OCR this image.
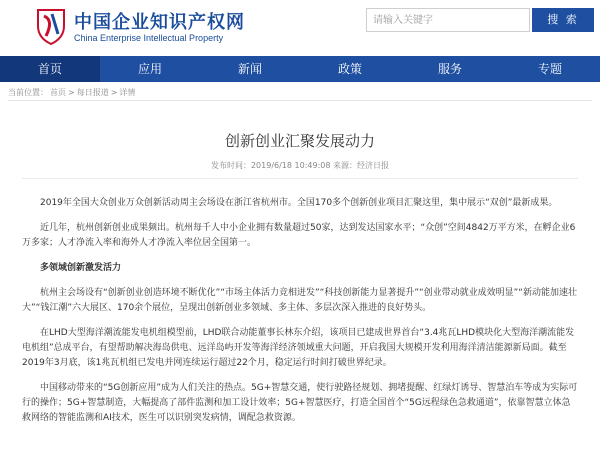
中国企业知识产权网
China Enterprise Intellectual Property
请输入关键字
搜 索
首页	应用	新闻	政策	服务	专题
当前位置： 首页 > 每日报道 > 详情
创新创业汇聚发展动力
发布时间：2019/6/18 10:49:08 来源：经济日报

2019年全国大众创业万众创新活动周主会场设在浙江省杭州市。全国170多个创新创业项目汇聚这里，集中展示“双创”最新成果。

近几年，杭州创新创业成果频出。杭州每千人中小企业拥有数量超过50家，达到发达国家水平；“众创”空间4842万平方米，在孵企业6万多家；人才净流入率和海外人才净流入率位居全国第一。

多领域创新激发活力

杭州主会场设有“创新创业创造环境不断优化”“市场主体活力竞相迸发”“科技创新能力显著提升”“创业带动就业成效明显”“新动能加速壮大”“钱江潮”六大展区、170余个展位，呈现出创新创业多领域、多主体、多层次深入推进的良好势头。

在LHD大型海洋潮流能发电机组模型前，LHD联合动能董事长林东介绍，该项目已建成世界首台“3.4兆瓦LHD模块化大型海洋潮流能发电机组”总成平台，有望帮助解决海岛供电、远洋岛屿开发等海洋经济领域重大问题，开启我国大规模开发利用海洋清洁能源新局面。截至2019年3月底，该1兆瓦机组已发电并网连续运行超过22个月，稳定运行时间打破世界纪录。

中国移动带来的“5G创新应用”成为人们关注的热点。5G+智慧交通，使行驶路径规划、拥堵提醒、红绿灯诱导、智慧泊车等成为实际可行的操作；5G+智慧制造，大幅提高了部件监测和加工设计效率；5G+智慧医疗，打造全国首个“5G远程绿色急救通道”，依靠智慧立体急救网络的智能监测和AI技术，医生可以识别突发病情，调配急救资源。
